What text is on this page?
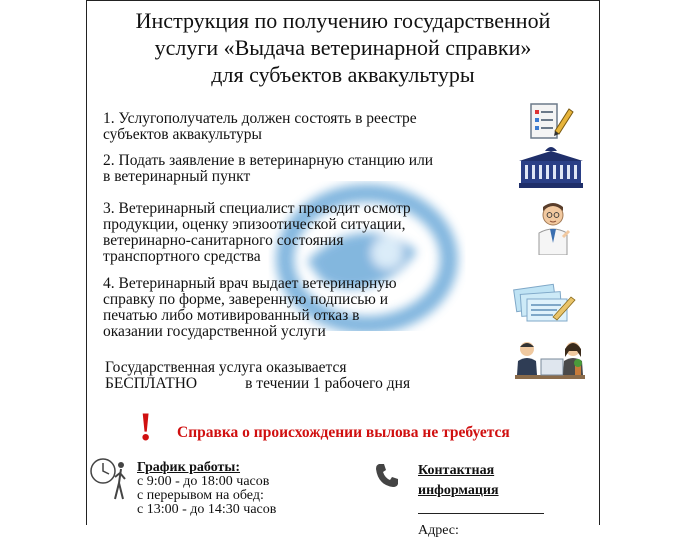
Инструкция по получению государственной
услуги «Выдача ветеринарной справки»
для субъектов аквакультуры
1. Услугополучатель должен состоять в реестре
субъектов аквакультуры
2. Подать заявление в ветеринарную станцию или
в ветеринарный пункт
3. Ветеринарный специалист проводит осмотр
продукции, оценку эпизоотической ситуации,
ветеринарно-санитарного состояния
транспортного средства
4. Ветеринарный врач выдает ветеринарную
справку по форме, заверенную подписью и
печатью либо мотивированный отказ в
оказании государственной услуги
Государственная услуга оказывается
БЕСПЛАТНО	в течении 1 рабочего дня
! Справка о происхождении вылова не требуется
График работы:
с 9:00 - до 18:00 часов
с перерывом на обед:
с 13:00 - до 14:30 часов
Контактная
информация
Адрес:
